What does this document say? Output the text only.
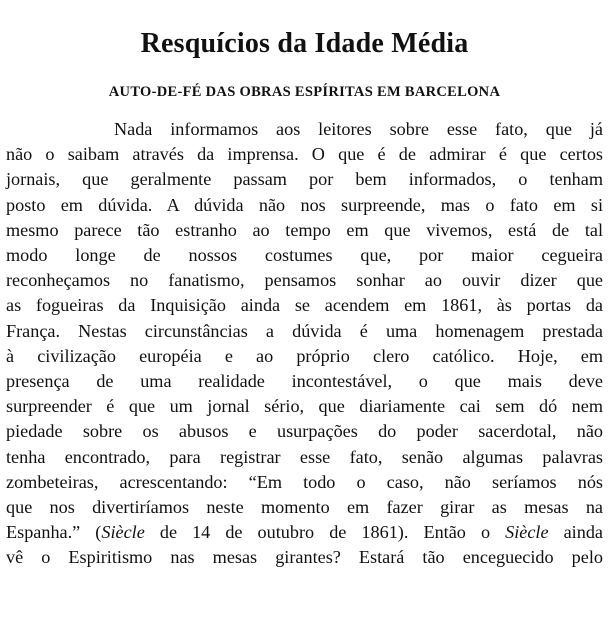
Resquícios da Idade Média
AUTO-DE-FÉ DAS OBRAS ESPÍRITAS EM BARCELONA
Nada informamos aos leitores sobre esse fato, que já
não o saibam através da imprensa. O que é de admirar é que certos
jornais, que geralmente passam por bem informados, o tenham
posto em dúvida. A dúvida não nos surpreende, mas o fato em si
mesmo parece tão estranho ao tempo em que vivemos, está de tal
modo longe de nossos costumes que, por maior cegueira
reconheçamos no fanatismo, pensamos sonhar ao ouvir dizer que
as fogueiras da Inquisição ainda se acendem em 1861, às portas da
França. Nestas circunstâncias a dúvida é uma homenagem prestada
à civilização européia e ao próprio clero católico. Hoje, em
presença de uma realidade incontestável, o que mais deve
surpreender é que um jornal sério, que diariamente cai sem dó nem
piedade sobre os abusos e usurpações do poder sacerdotal, não
tenha encontrado, para registrar esse fato, senão algumas palavras
zombeteiras, acrescentando: “Em todo o caso, não seríamos nós
que nos divertiríamos neste momento em fazer girar as mesas na
Espanha.” (Siècle de 14 de outubro de 1861). Então o Siècle ainda
vê o Espiritismo nas mesas girantes? Estará tão enceguecido pelo
